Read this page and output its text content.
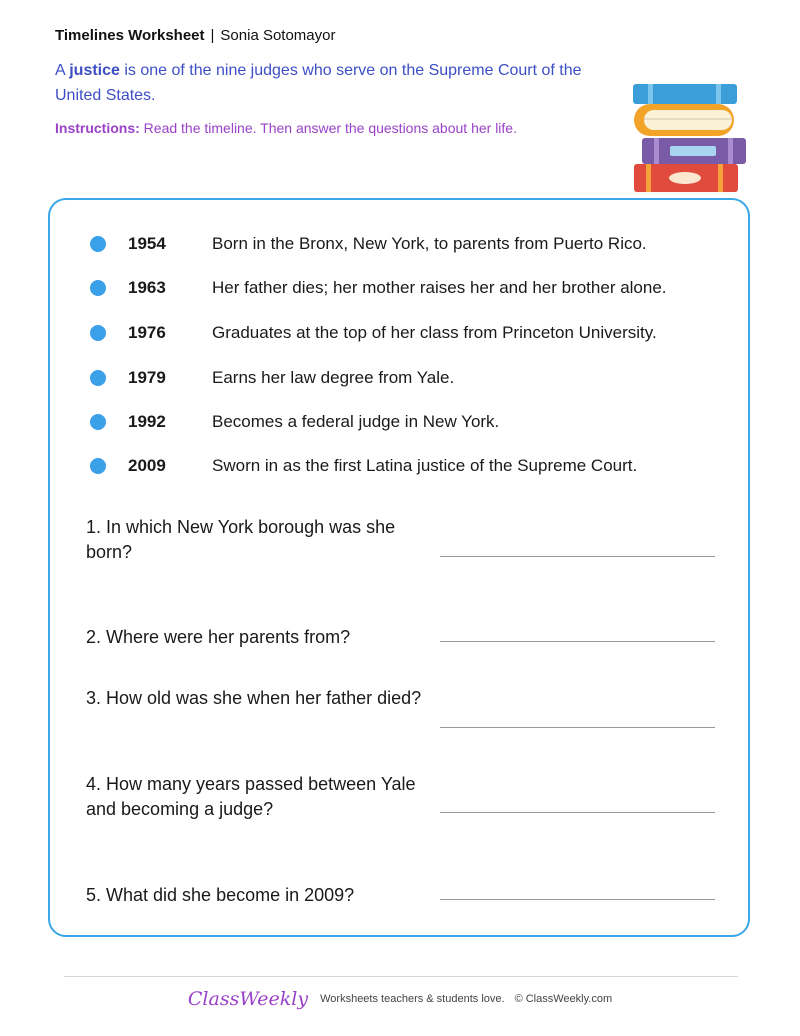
Timelines Worksheet | Sonia Sotomayor
A justice is one of the nine judges who serve on the Supreme Court of the United States.
Instructions: Read the timeline. Then answer the questions about her life.
1954	Born in the Bronx, New York, to parents from Puerto Rico.
1963	Her father dies; her mother raises her and her brother alone.
1976	Graduates at the top of her class from Princeton University.
1979	Earns her law degree from Yale.
1992	Becomes a federal judge in New York.
2009	Sworn in as the first Latina justice of the Supreme Court.
1. In which New York borough was she born?
2. Where were her parents from?
3. How old was she when her father died?
4. How many years passed between Yale and becoming a judge?
5. What did she become in 2009?
ClassWeekly Worksheets teachers & students love. © ClassWeekly.com
